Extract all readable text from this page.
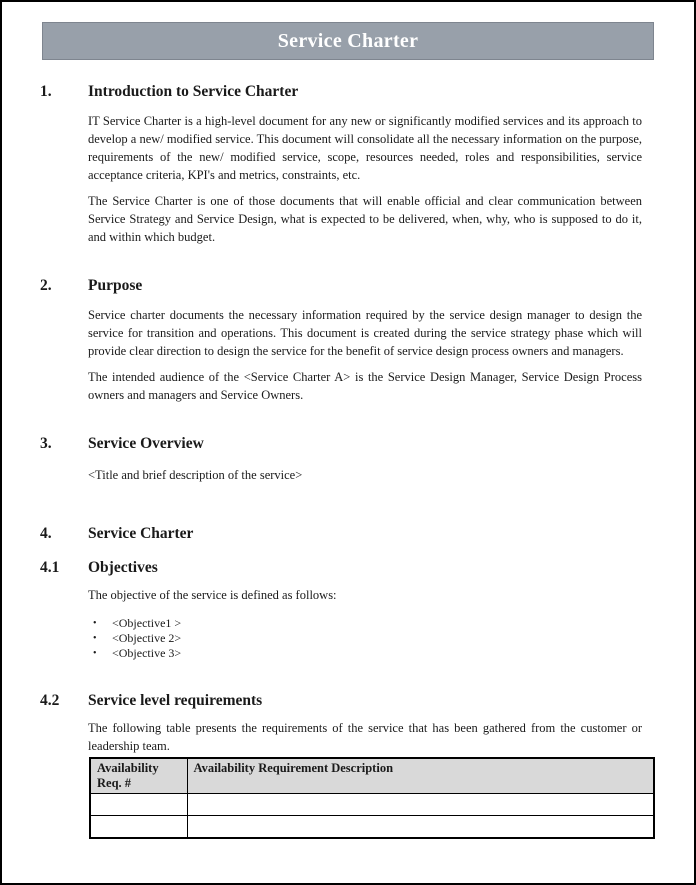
Service Charter
1.	Introduction to Service Charter

IT Service Charter is a high-level document for any new or significantly modified services and its approach to develop a new/ modified service. This document will consolidate all the necessary information on the purpose, requirements of the new/ modified service, scope, resources needed, roles and responsibilities, service acceptance criteria, KPI's and metrics, constraints, etc.

The Service Charter is one of those documents that will enable official and clear communication between Service Strategy and Service Design, what is expected to be delivered, when, why, who is supposed to do it, and within which budget.

2.	Purpose

Service charter documents the necessary information required by the service design manager to design the service for transition and operations. This document is created during the service strategy phase which will provide clear direction to design the service for the benefit of service design process owners and managers.

The intended audience of the <Service Charter A> is the Service Design Manager, Service Design Process owners and managers and Service Owners.

3.	Service Overview

<Title and brief description of the service>

4.	Service Charter
4.1	Objectives

The objective of the service is defined as follows:

•	<Objective1 >
•	<Objective 2>
•	<Objective 3>
4.2	Service level requirements

The following table presents the requirements of the service that has been gathered from the customer or leadership team.

Availability Req. #	Availability Requirement Description
